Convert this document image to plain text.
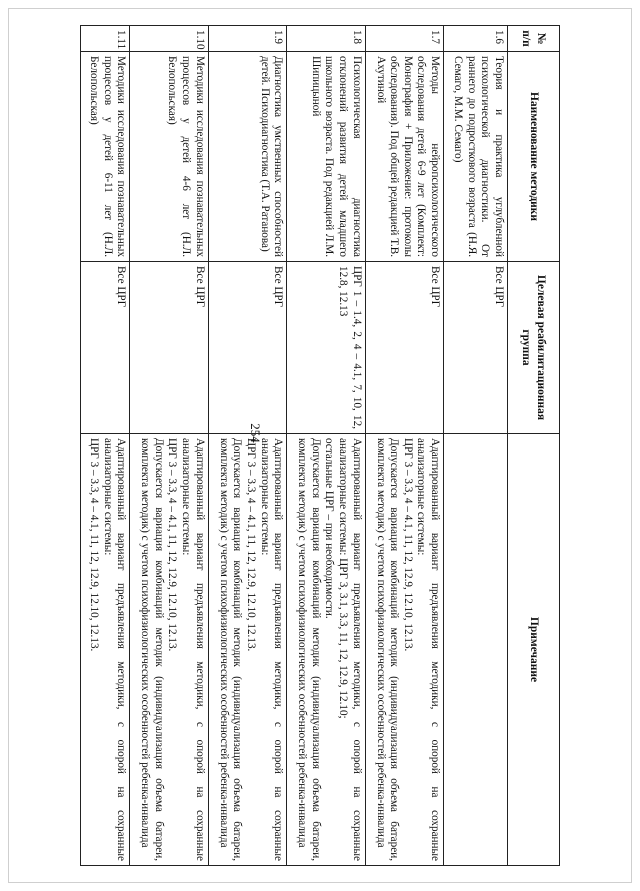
254
№ п/п	Наименование методики	Целевая реабилитационная группа	Примечание
1.6	Теория и практика углубленной психологической диагностики. От раннего до подросткового возраста (Н.Я. Семаго, М.М. Семаго)	Все ЦРГ	
1.7	Методы нейропсихологического обследования детей 6-9 лет (Комплект: Монография + Приложение: протоколы обследования). Под общей редакцией Т.В. Ахутиной	Все ЦРГ	Адаптированный вариант предъявления методики, с опорой на сохранные анализаторные системы:
ЦРГ 3 – 3.3, 4 – 4.1, 11, 12, 12.9, 12.10, 12.13.
Допускается вариация комбинаций методик (индивидуализация объема батареи, комплекта методик) с учетом психофизиологических особенностей ребенка-инвалида

1.8	Психологическая диагностика отклонений развития детей младшего школьного возраста. Под редакцией Л.М. Шипицыной	ЦРГ 1 – 1.4, 2, 4 – 4.1, 7, 10, 12, 12.8, 12.13	Адаптированный вариант предъявления методики, с опорой на сохранные анализаторные системы: ЦРГ 3, 3.1, 3.3, 11, 12, 12.9, 12.10;
остальные ЦРГ – при необходимости.
Допускается вариация комбинаций методик (индивидуализация объема батареи, комплекта методик) с учетом психофизиологических особенностей ребенка-инвалида

1.9	Диагностика умственных способностей детей. Психодиагностика (Т.А. Ратанова)	Все ЦРГ	Адаптированный вариант предъявления методики, с опорой на сохранные анализаторные системы:
ЦРГ 3 – 3.3, 4 – 4.1, 11, 12, 12.9, 12.10, 12.13.
Допускается вариация комбинаций методик (индивидуализация объема батареи, комплекта методик) с учетом психофизиологических особенностей ребенка-инвалида

1.10	Методики исследования познавательных процессов у детей 4-6 лет (Н.Л. Белопольская)	Все ЦРГ	Адаптированный вариант предъявления методики, с опорой на сохранные анализаторные системы:
ЦРГ 3 – 3.3, 4 – 4.1, 11, 12, 12.9, 12.10, 12.13.
Допускается вариация комбинаций методик (индивидуализация объема батареи, комплекта методик) с учетом психофизиологических особенностей ребенка-инвалида

1.11	Методики исследования познавательных процессов у детей 6-11 лет (Н.Л. Белопольская)	Все ЦРГ	Адаптированный вариант предъявления методики, с опорой на сохранные анализаторные системы:
ЦРГ 3 – 3.3, 4 – 4.1, 11, 12, 12.9, 12.10, 12.13.
